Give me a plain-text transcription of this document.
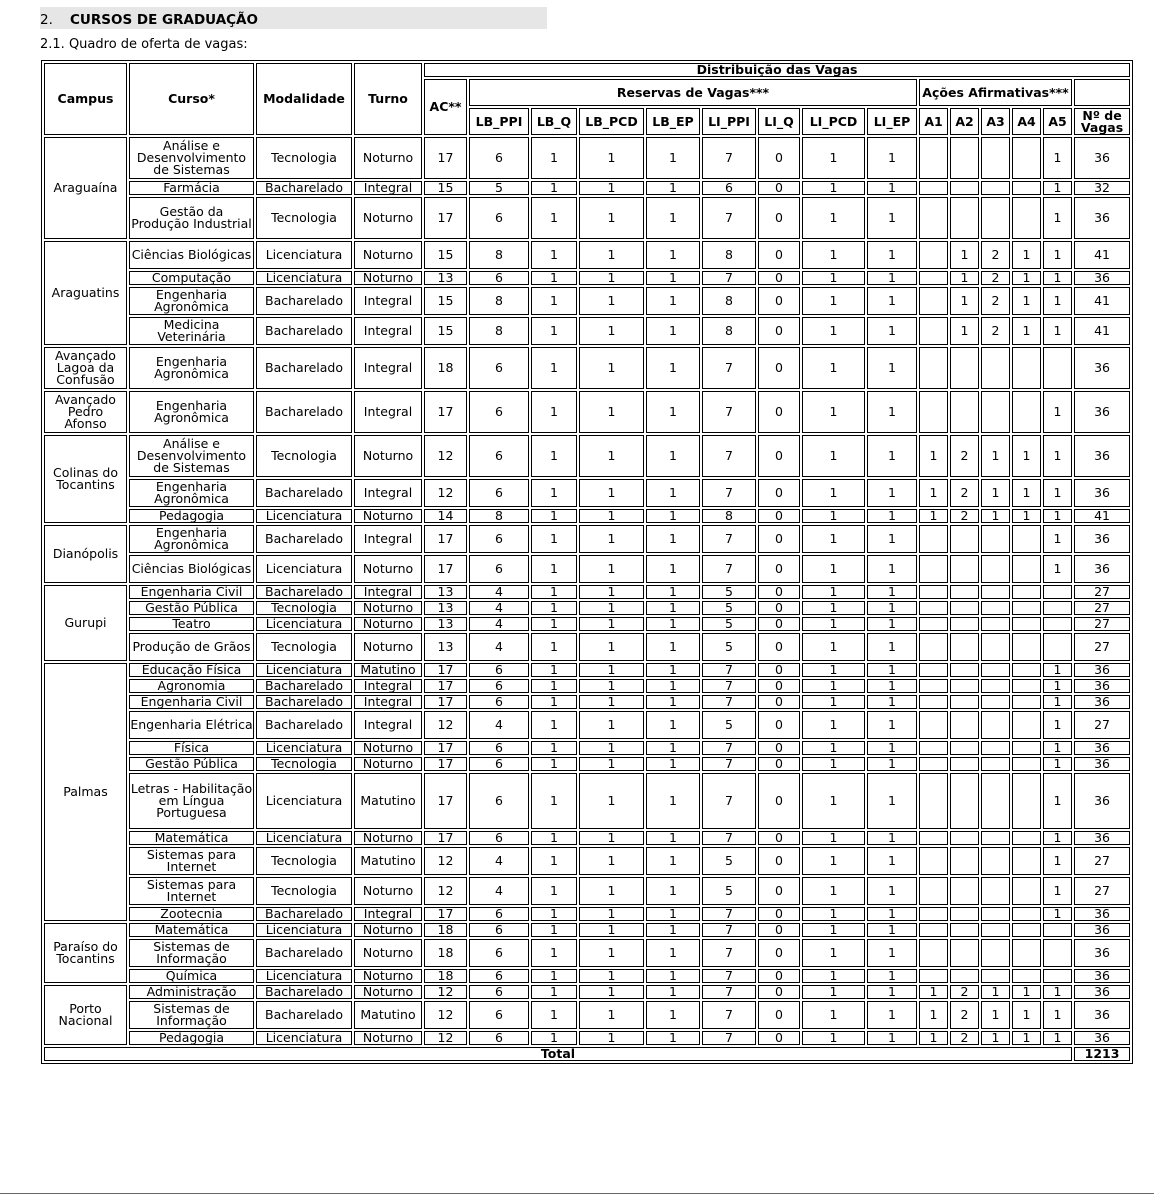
2. CURSOS DE GRADUAÇÃO
2.1. Quadro de oferta de vagas:
Campus	Curso*	Modalidade	Turno	Distribuição das Vagas														
				AC**	Reservas de Vagas***								Ações Afirmativas***					
					LB_PPI	LB_Q	LB_PCD	LB_EP	LI_PPI	LI_Q	LI_PCD	LI_EP	A1	A2	A3	A4	A5	Nº de Vagas
Araguaína	Análise e Desenvolvimento de Sistemas	Tecnologia	Noturno	17	6	1	1	1	7	0	1	1					1	36
	Farmácia	Bacharelado	Integral	15	5	1	1	1	6	0	1	1					1	32
	Gestão da Produção Industrial	Tecnologia	Noturno	17	6	1	1	1	7	0	1	1					1	36
Araguatins	Ciências Biológicas	Licenciatura	Noturno	15	8	1	1	1	8	0	1	1		1	2	1	1	41
	Computação	Licenciatura	Noturno	13	6	1	1	1	7	0	1	1		1	2	1	1	36
	Engenharia Agronômica	Bacharelado	Integral	15	8	1	1	1	8	0	1	1		1	2	1	1	41
	Medicina Veterinária	Bacharelado	Integral	15	8	1	1	1	8	0	1	1		1	2	1	1	41
Avançado Lagoa da Confusão	Engenharia Agronômica	Bacharelado	Integral	18	6	1	1	1	7	0	1	1						36
Avançado Pedro Afonso	Engenharia Agronômica	Bacharelado	Integral	17	6	1	1	1	7	0	1	1					1	36
Colinas do Tocantins	Análise e Desenvolvimento de Sistemas	Tecnologia	Noturno	12	6	1	1	1	7	0	1	1	1	2	1	1	1	36
	Engenharia Agronômica	Bacharelado	Integral	12	6	1	1	1	7	0	1	1	1	2	1	1	1	36
	Pedagogia	Licenciatura	Noturno	14	8	1	1	1	8	0	1	1	1	2	1	1	1	41
Dianópolis	Engenharia Agronômica	Bacharelado	Integral	17	6	1	1	1	7	0	1	1					1	36
	Ciências Biológicas	Licenciatura	Noturno	17	6	1	1	1	7	0	1	1					1	36
Gurupi	Engenharia Civil	Bacharelado	Integral	13	4	1	1	1	5	0	1	1						27
	Gestão Pública	Tecnologia	Noturno	13	4	1	1	1	5	0	1	1						27
	Teatro	Licenciatura	Noturno	13	4	1	1	1	5	0	1	1						27
	Produção de Grãos	Tecnologia	Noturno	13	4	1	1	1	5	0	1	1						27
Palmas	Educação Física	Licenciatura	Matutino	17	6	1	1	1	7	0	1	1					1	36
	Agronomia	Bacharelado	Integral	17	6	1	1	1	7	0	1	1					1	36
	Engenharia Civil	Bacharelado	Integral	17	6	1	1	1	7	0	1	1					1	36
	Engenharia Elétrica	Bacharelado	Integral	12	4	1	1	1	5	0	1	1					1	27
	Física	Licenciatura	Noturno	17	6	1	1	1	7	0	1	1					1	36
	Gestão Pública	Tecnologia	Noturno	17	6	1	1	1	7	0	1	1					1	36
	Letras - Habilitação em Língua Portuguesa	Licenciatura	Matutino	17	6	1	1	1	7	0	1	1					1	36
	Matemática	Licenciatura	Noturno	17	6	1	1	1	7	0	1	1					1	36
	Sistemas para Internet	Tecnologia	Matutino	12	4	1	1	1	5	0	1	1					1	27
	Sistemas para Internet	Tecnologia	Noturno	12	4	1	1	1	5	0	1	1					1	27
	Zootecnia	Bacharelado	Integral	17	6	1	1	1	7	0	1	1					1	36
Paraíso do Tocantins	Matemática	Licenciatura	Noturno	18	6	1	1	1	7	0	1	1						36
	Sistemas de Informação	Bacharelado	Noturno	18	6	1	1	1	7	0	1	1						36
	Química	Licenciatura	Noturno	18	6	1	1	1	7	0	1	1						36
Porto Nacional	Administração	Bacharelado	Noturno	12	6	1	1	1	7	0	1	1	1	2	1	1	1	36
	Sistemas de Informação	Bacharelado	Matutino	12	6	1	1	1	7	0	1	1	1	2	1	1	1	36
	Pedagogia	Licenciatura	Noturno	12	6	1	1	1	7	0	1	1	1	2	1	1	1	36
Total																		1213
